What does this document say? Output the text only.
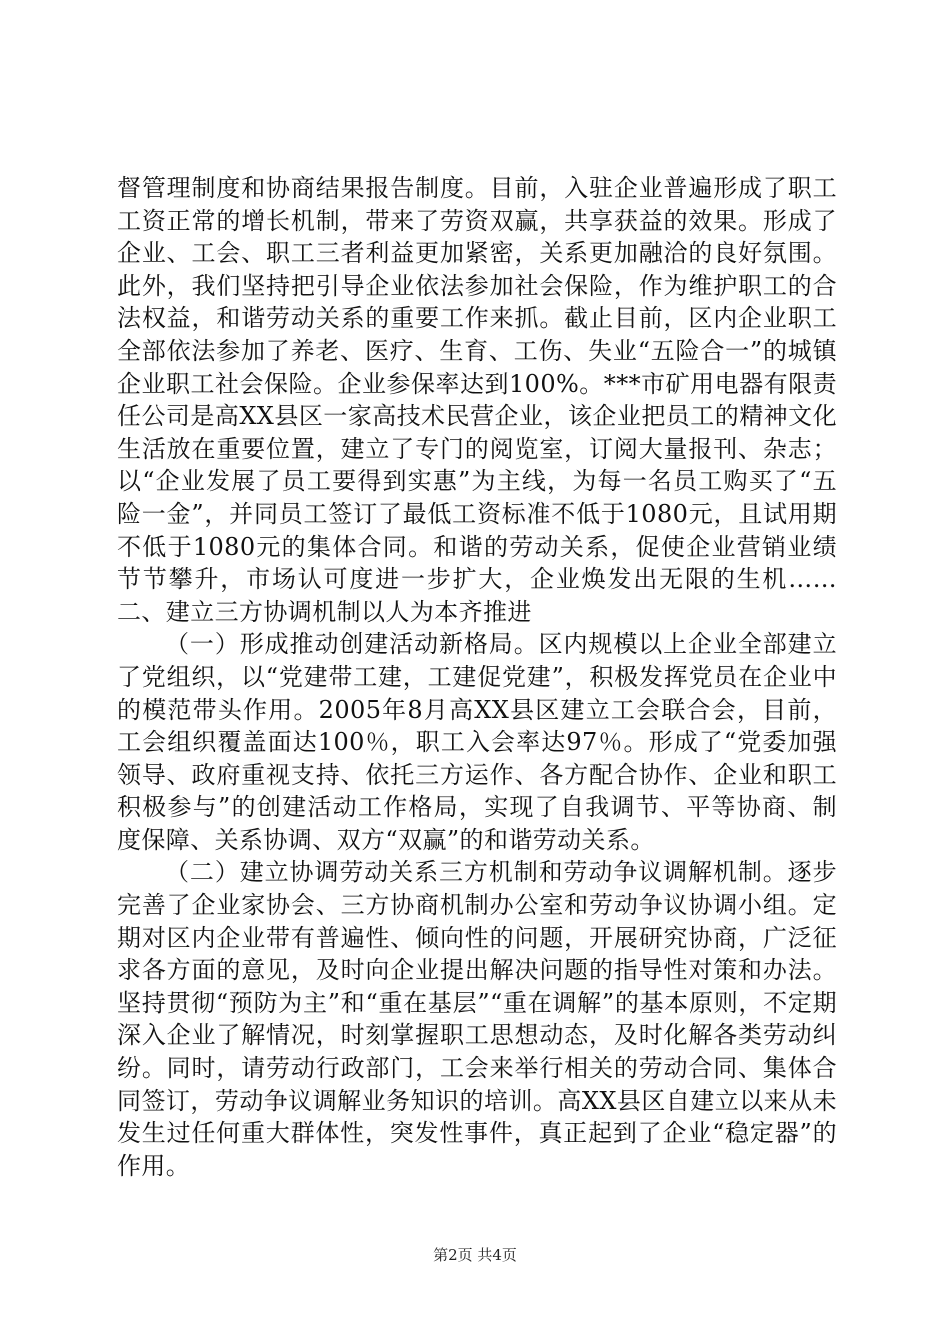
督管理制度和协商结果报告制度。目前，入驻企业普遍形成了职工工资正常的增长机制，带来了劳资双赢，共享获益的效果。形成了企业、工会、职工三者利益更加紧密，关系更加融洽的良好氛围。此外，我们坚持把引导企业依法参加社会保险，作为维护职工的合法权益，和谐劳动关系的重要工作来抓。截止目前，区内企业职工全部依法参加了养老、医疗、生育、工伤、失业“五险合一”的城镇企业职工社会保险。企业参保率达到100%。***市矿用电器有限责任公司是高XX县区一家高技术民营企业，该企业把员工的精神文化生活放在重要位置，建立了专门的阅览室，订阅大量报刊、杂志；以“企业发展了员工要得到实惠”为主线，为每一名员工购买了“五险一金”，并同员工签订了最低工资标准不低于1080元，且试用期不低于1080元的集体合同。和谐的劳动关系，促使企业营销业绩节节攀升，市场认可度进一步扩大，企业焕发出无限的生机……二、建立三方协调机制以人为本齐推进

（一）形成推动创建活动新格局。区内规模以上企业全部建立了党组织，以“党建带工建，工建促党建”，积极发挥党员在企业中的模范带头作用。2005年8月高XX县区建立工会联合会，目前，工会组织覆盖面达100％，职工入会率达97％。形成了“党委加强领导、政府重视支持、依托三方运作、各方配合协作、企业和职工积极参与”的创建活动工作格局，实现了自我调节、平等协商、制度保障、关系协调、双方“双赢”的和谐劳动关系。

（二）建立协调劳动关系三方机制和劳动争议调解机制。逐步完善了企业家协会、三方协商机制办公室和劳动争议协调小组。定期对区内企业带有普遍性、倾向性的问题，开展研究协商，广泛征求各方面的意见，及时向企业提出解决问题的指导性对策和办法。坚持贯彻“预防为主”和“重在基层”“重在调解”的基本原则，不定期深入企业了解情况，时刻掌握职工思想动态，及时化解各类劳动纠纷。同时，请劳动行政部门，工会来举行相关的劳动合同、集体合同签订，劳动争议调解业务知识的培训。高XX县区自建立以来从未发生过任何重大群体性，突发性事件，真正起到了企业“稳定器”的作用。

第2页 共4页
